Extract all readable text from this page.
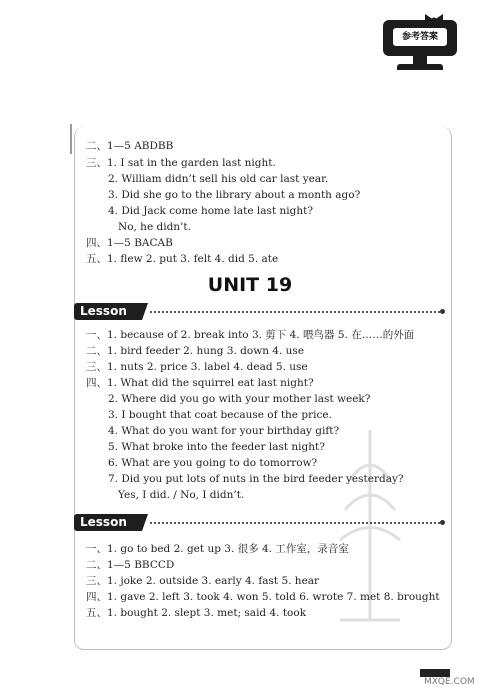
参考答案
二、1—5 ABDBB
三、1. I sat in the garden last night.
2. William didn’t sell his old car last year.
3. Did she go to the library about a month ago?
4. Did Jack come home late last night?
No, he didn’t.
四、1—5 BACAB
五、1. flew 2. put 3. felt 4. did 5. ate
UNIT 19
Lesson 37
一、1. because of 2. break into 3. 剪下 4. 喂鸟器 5. 在……的外面
二、1. bird feeder 2. hung 3. down 4. use
三、1. nuts 2. price 3. label 4. dead 5. use
四、1. What did the squirrel eat last night?
2. Where did you go with your mother last week?
3. I bought that coat because of the price.
4. What do you want for your birthday gift?
5. What broke into the feeder last night?
6. What are you going to do tomorrow?
7. Did you put lots of nuts in the bird feeder yesterday?
Yes, I did. / No, I didn’t.
Lesson 38
一、1. go to bed 2. get up 3. 很多 4. 工作室，录音室
二、1—5 BBCCD
三、1. joke 2. outside 3. early 4. fast 5. hear
四、1. gave 2. left 3. took 4. won 5. told 6. wrote 7. met 8. brought
五、1. bought 2. slept 3. met; said 4. took
MXQE.COM
